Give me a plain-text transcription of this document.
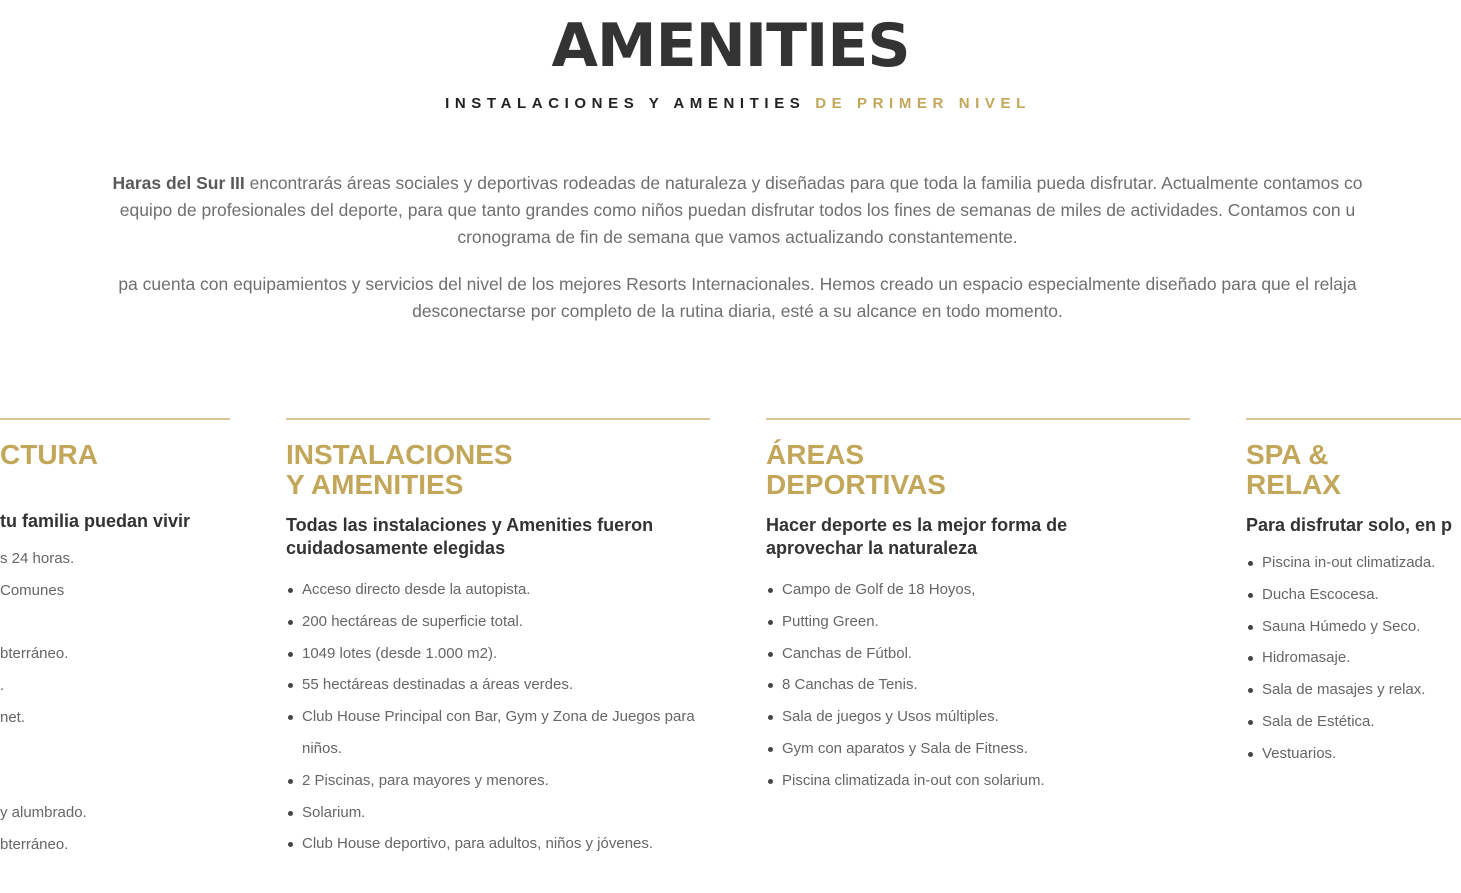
AMENITIES
INSTALACIONES Y AMENITIES DE PRIMER NIVEL
Haras del Sur III encontrarás áreas sociales y deportivas rodeadas de naturaleza y diseñadas para que toda la familia pueda disfrutar. Actualmente contamos co
equipo de profesionales del deporte, para que tanto grandes como niños puedan disfrutar todos los fines de semanas de miles de actividades. Contamos con u
cronograma de fin de semana que vamos actualizando constantemente.
pa cuenta con equipamientos y servicios del nivel de los mejores Resorts Internacionales. Hemos creado un espacio especialmente diseñado para que el relaja
desconectarse por completo de la rutina diaria, esté a su alcance en todo momento.
CTURA

tu familia puedan vivir

s 24 horas.
Comunes

bterráneo.
.
net.

y alumbrado.
bterráneo.
INSTALACIONES
Y AMENITIES

Todas las instalaciones y Amenities fueron
cuidadosamente elegidas

Acceso directo desde la autopista.
200 hectáreas de superficie total.
1049 lotes (desde 1.000 m2).
55 hectáreas destinadas a áreas verdes.
Club House Principal con Bar, Gym y Zona de Juegos para niños.
2 Piscinas, para mayores y menores.
Solarium.
Club House deportivo, para adultos, niños y jóvenes.
ÁREAS
DEPORTIVAS

Hacer deporte es la mejor forma de
aprovechar la naturaleza

Campo de Golf de 18 Hoyos,
Putting Green.
Canchas de Fútbol.
8 Canchas de Tenis.
Sala de juegos y Usos múltiples.
Gym con aparatos y Sala de Fitness.
Piscina climatizada in-out con solarium.
SPA &
RELAX

Para disfrutar solo, en p

Piscina in-out climatizada.
Ducha Escocesa.
Sauna Húmedo y Seco.
Hidromasaje.
Sala de masajes y relax.
Sala de Estética.
Vestuarios.
